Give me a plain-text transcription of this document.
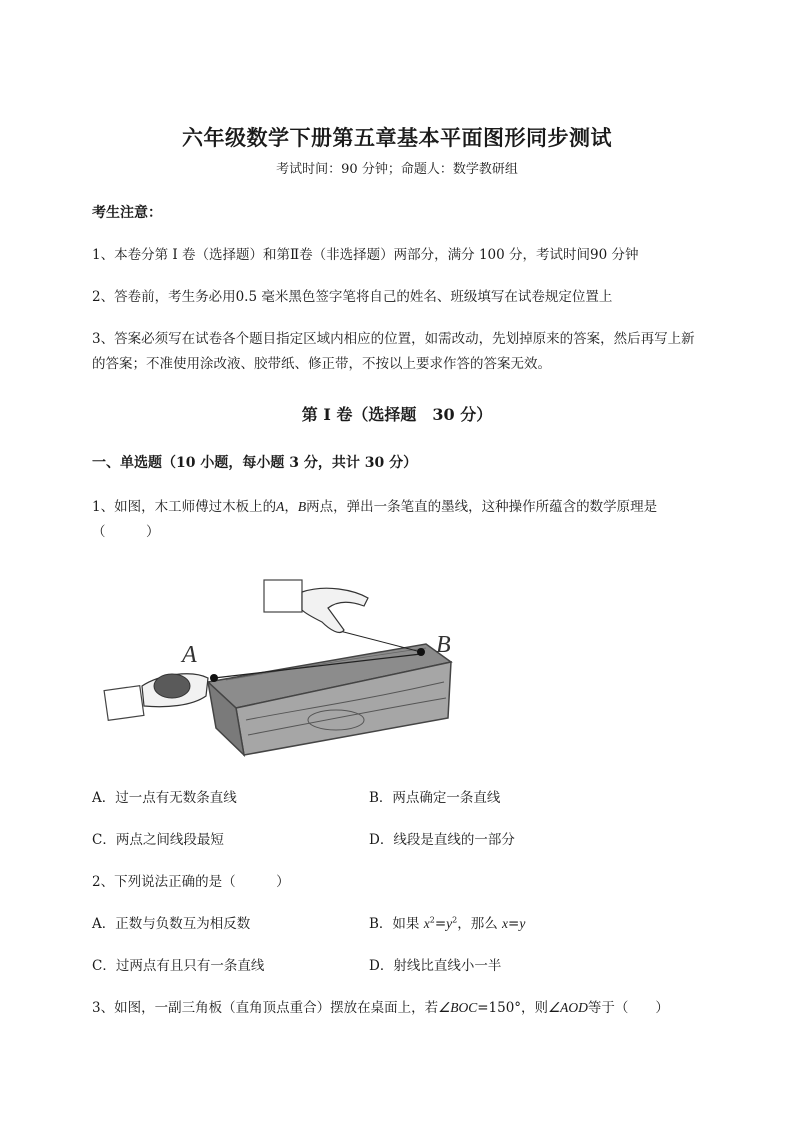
六年级数学下册第五章基本平面图形同步测试
考试时间：90 分钟；命题人：数学教研组
考生注意：
1、本卷分第 I 卷（选择题）和第Ⅱ卷（非选择题）两部分，满分 100 分，考试时间90 分钟
2、答卷前，考生务必用0.5 毫米黑色签字笔将自己的姓名、班级填写在试卷规定位置上
3、答案必须写在试卷各个题目指定区域内相应的位置，如需改动，先划掉原来的答案，然后再写上新
的答案；不准使用涂改液、胶带纸、修正带，不按以上要求作答的答案无效。
第 I 卷（选择题　30 分）
一、单选题（10 小题，每小题 3 分，共计 30 分）
1、如图，木工师傅过木板上的A，B两点，弹出一条笔直的墨线，这种操作所蕴含的数学原理是
（　　　）
A	B
A．过一点有无数条直线	B．两点确定一条直线
C．两点之间线段最短	D．线段是直线的一部分
2、下列说法正确的是（　　　）
A．正数与负数互为相反数	B．如果 $x^2=y^2$，那么 x=y
C．过两点有且只有一条直线	D．射线比直线小一半
3、如图，一副三角板（直角顶点重合）摆放在桌面上，若∠BOC=150°，则∠AOD等于（　　）
